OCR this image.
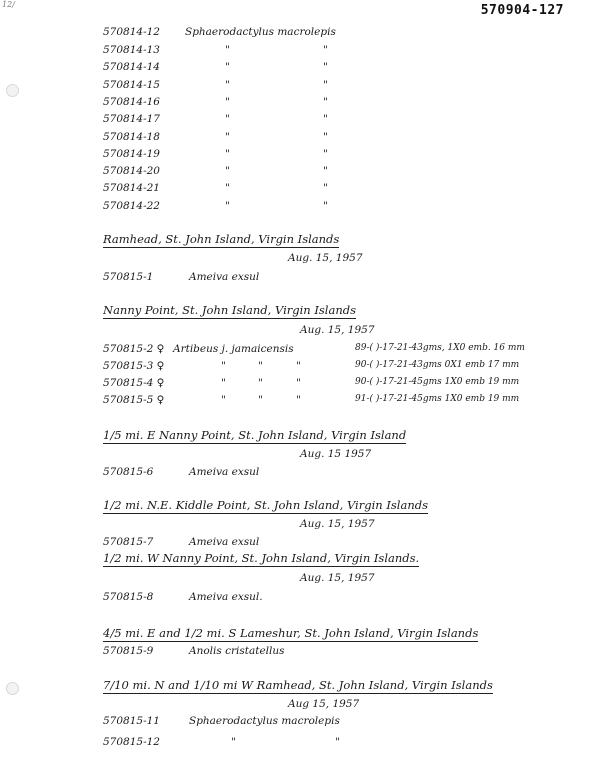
12/	570904-127
570814-12 Sphaerodactylus macrolepis
570814-13	"	"
570814-14	"	"
570814-15	"	"
570814-16	"	"
570814-17	"	"
570814-18	"	"
570814-19	"	"
570814-20	"	"
570814-21	"	"
570814-22	"	"
Ramhead, St. John Island, Virgin Islands
Aug. 15, 1957
570815-1	Ameiva exsul
Nanny Point, St. John Island, Virgin Islands
Aug. 15, 1957
570815-2 ♀ Artibeus j. jamaicensis	89-( )-17-21-43gms, 1X0 emb. 16 mm
570815-3 ♀	"	"	"	90-( )-17-21-43gms 0X1 emb 17 mm
570815-4 ♀	"	"	"	90-( )-17-21-45gms 1X0 emb 19 mm
570815-5 ♀	"	"	"	91-( )-17-21-45gms 1X0 emb 19 mm
1/5 mi. E Nanny Point, St. John Island, Virgin Island
Aug. 15 1957
570815-6	Ameiva exsul
1/2 mi. N.E. Kiddle Point, St. John Island, Virgin Islands
Aug. 15, 1957
570815-7	Ameiva exsul
1/2 mi. W Nanny Point, St. John Island, Virgin Islands.
Aug. 15, 1957
570815-8	Ameiva exsul.
4/5 mi. E and 1/2 mi. S Lameshur, St. John Island, Virgin Islands
570815-9	Anolis cristatellus
7/10 mi. N and 1/10 mi W Ramhead, St. John Island, Virgin Islands
Aug 15, 1957
570815-11	Sphaerodactylus macrolepis
570815-12	"	"
